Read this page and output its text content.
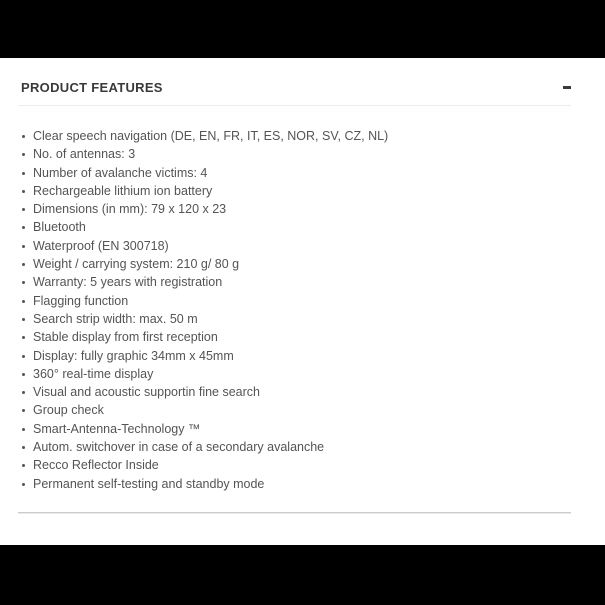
PRODUCT FEATURES
Clear speech navigation (DE, EN, FR, IT, ES, NOR, SV, CZ, NL)
No. of antennas: 3
Number of avalanche victims: 4
Rechargeable lithium ion battery
Dimensions (in mm): 79 x 120 x 23
Bluetooth
Waterproof (EN 300718)
Weight / carrying system: 210 g/ 80 g
Warranty: 5 years with registration
Flagging function
Search strip width: max. 50 m
Stable display from first reception
Display: fully graphic 34mm x 45mm
360° real-time display
Visual and acoustic supportin fine search
Group check
Smart-Antenna-Technology ™
Autom. switchover in case of a secondary avalanche
Recco Reflector Inside
Permanent self-testing and standby mode
